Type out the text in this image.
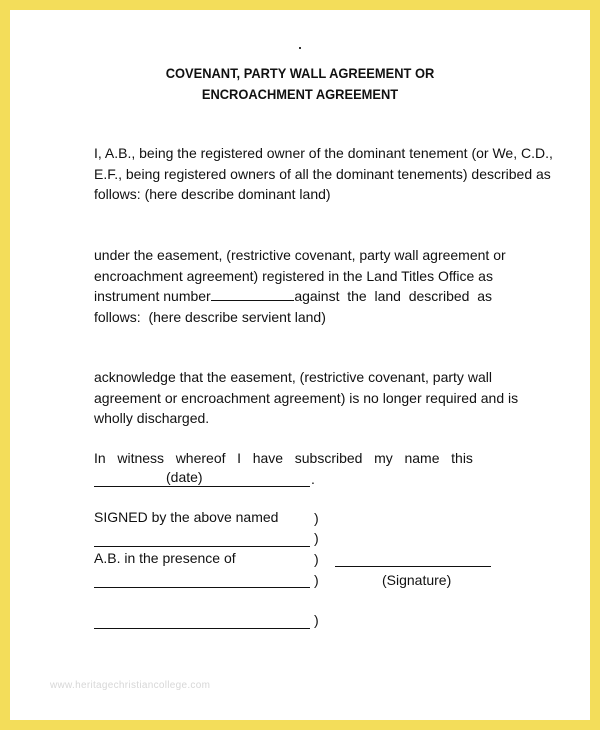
COVENANT, PARTY WALL AGREEMENT OR
ENCROACHMENT AGREEMENT
I, A.B., being the registered owner of the dominant tenement (or We, C.D.,
E.F., being registered owners of all the dominant tenements) described as
follows: (here describe dominant land)
under the easement, (restrictive covenant, party wall agreement or
encroachment agreement) registered in the Land Titles Office as
instrument number	against  the  land  described  as
follows:  (here describe servient land)
acknowledge that the easement, (restrictive covenant, party wall
agreement or encroachment agreement) is no longer required and is
wholly discharged.
In   witness   whereof   I   have   subscribed   my   name   this
(date)	.
SIGNED by the above named	)
)
A.B. in the presence of	)
)	(Signature)
)
www.heritagechristiancollege.com
